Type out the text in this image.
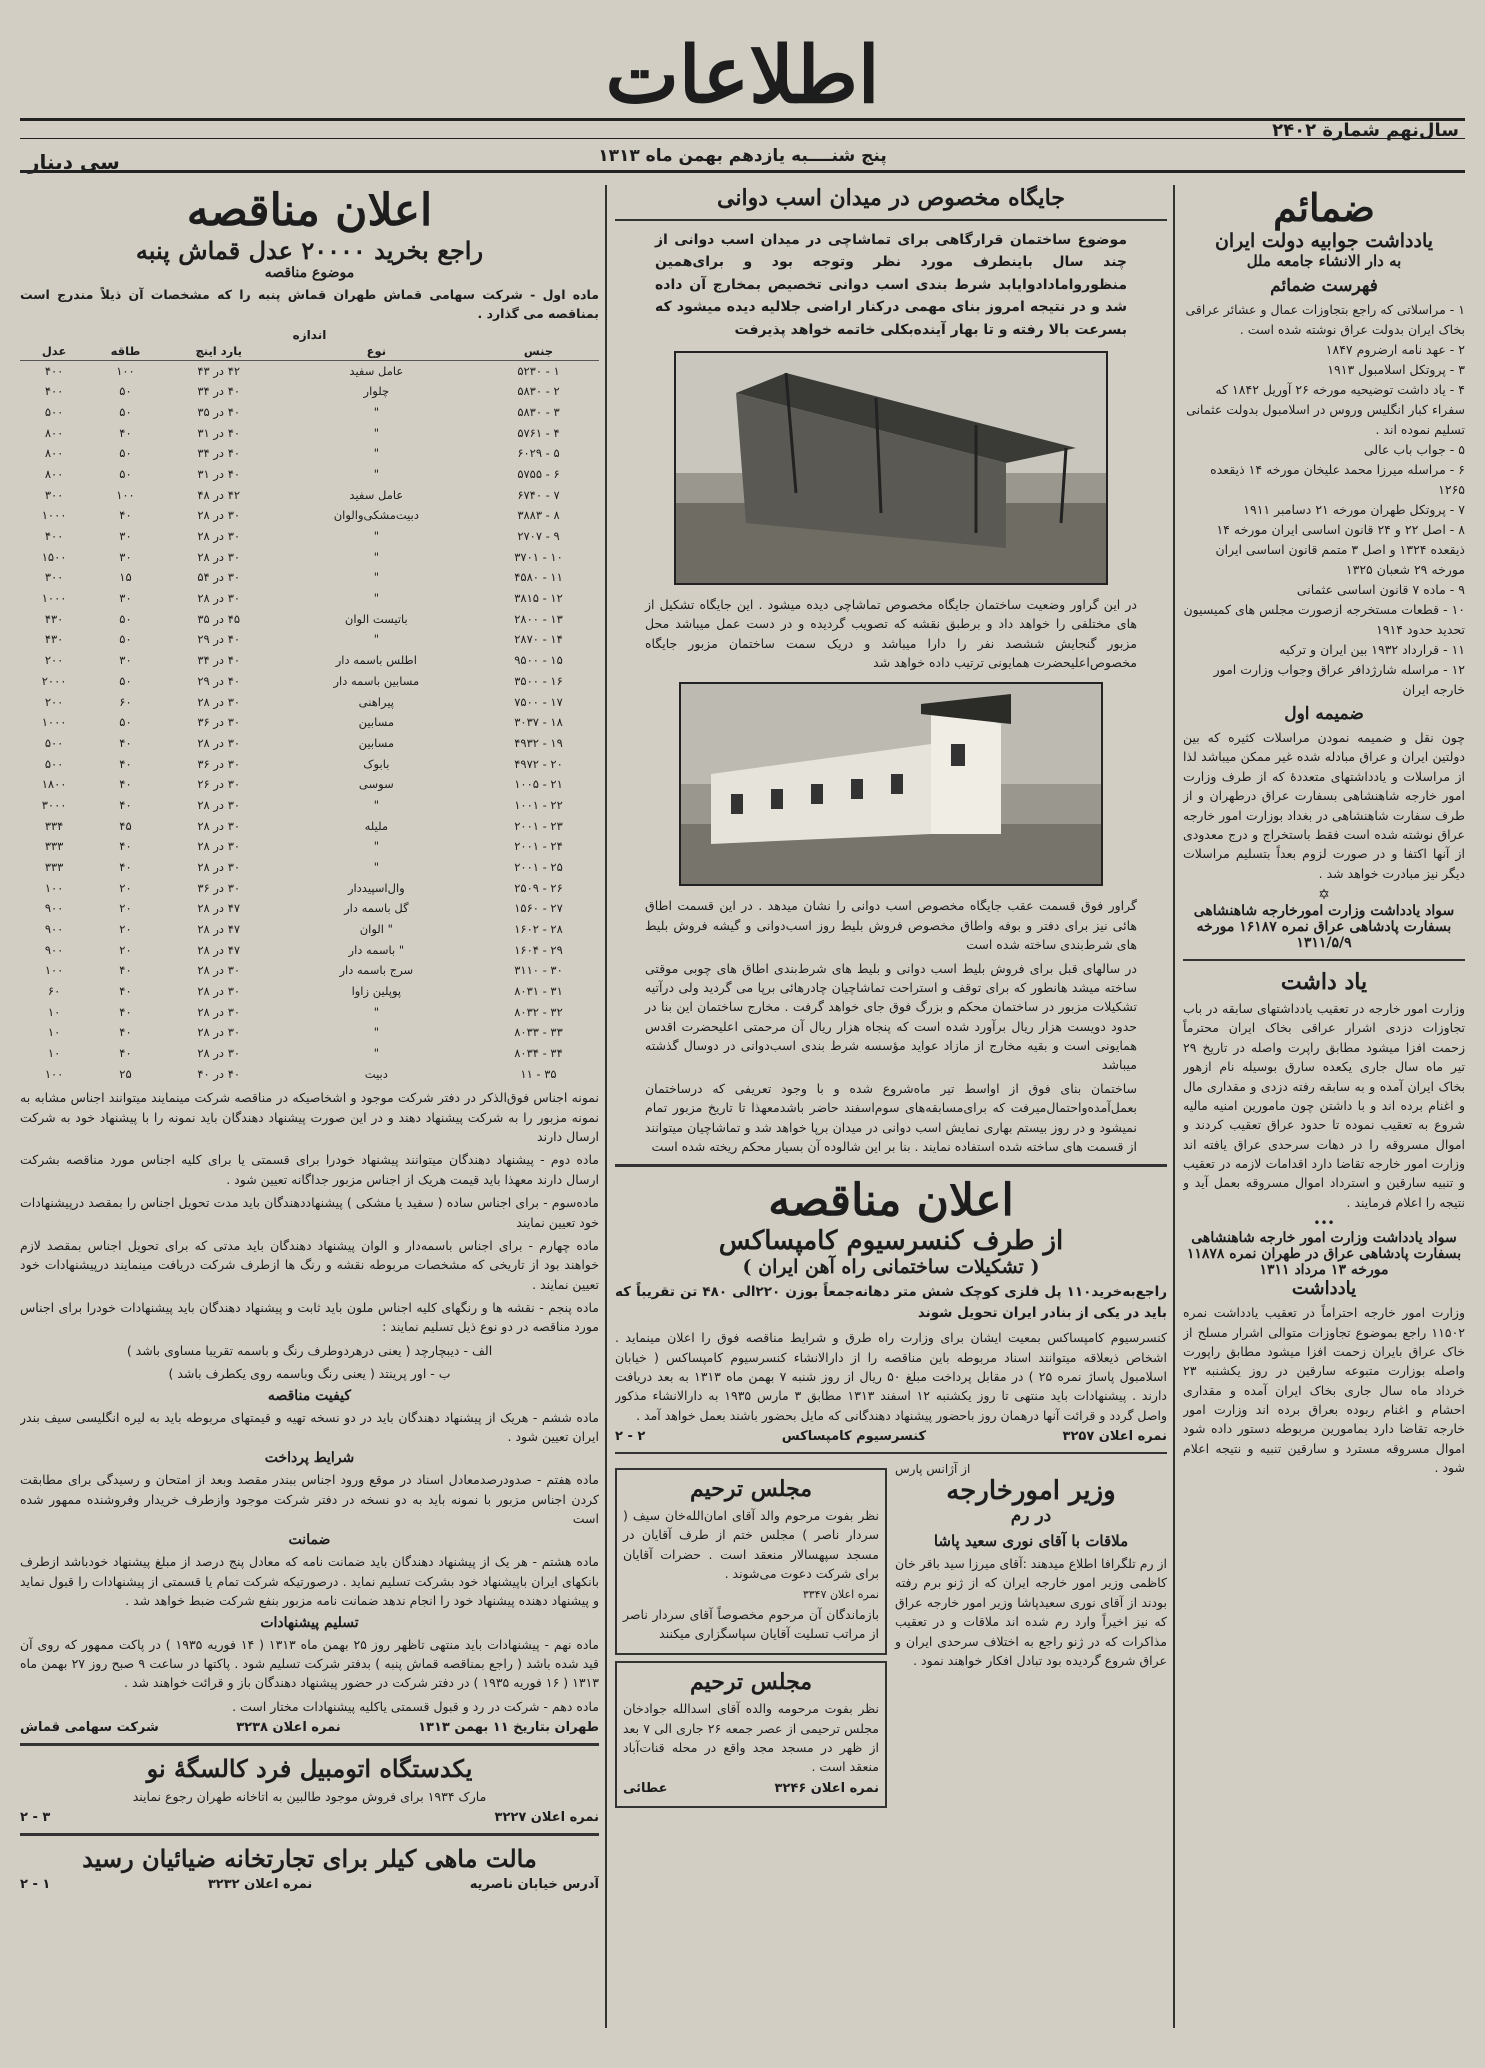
اطلاعات
سال‌نهم شمارة ۲۴۰۲
پنج شنــــبه یازدهم بهمن ماه ۱۳۱۳
سی دینار
ضمائم
یادداشت جوابیه دولت ایران
به دار الانشاء جامعه ملل
فهرست ضمائم
۱ - مراسلاتی که راجع بتجاوزات عمال و عشائر عراقی بخاک ایران بدولت عراق نوشته شده است .
۲ - عهد نامه ارضروم ۱۸۴۷
۳ - پروتکل اسلامبول ۱۹۱۳
۴ - یاد داشت توضیحیه مورخه ۲۶ آوریل ۱۸۴۲ که سفراء کبار انگلیس وروس در اسلامبول بدولت عثمانی تسلیم نموده اند .
۵ - جواب باب عالی
۶ - مراسله میرزا محمد علیخان مورخه ۱۴ ذیقعده ۱۲۶۵
۷ - پروتکل طهران مورخه ۲۱ دسامبر ۱۹۱۱
۸ - اصل ۲۲ و ۲۴ قانون اساسی ایران مورخه ۱۴ ذیقعده ۱۳۲۴ و اصل ۳ متمم قانون اساسی ایران مورخه ۲۹ شعبان ۱۳۲۵
۹ - ماده ۷ قانون اساسی عثمانی
۱۰ - قطعات مستخرجه ازصورت مجلس های کمیسیون تحدید حدود ۱۹۱۴
۱۱ - قرارداد ۱۹۳۲ بین ایران و ترکیه
۱۲ - مراسله شارژدافر عراق وجواب وزارت امور خارجه ایران
ضمیمه اول

چون نقل و ضمیمه نمودن مراسلات کثیره که بین دولتین ایران و عراق مبادله شده غیر ممکن میباشد لذا از مراسلات و یادداشتهای متعددهٔ که از طرف وزارت امور خارجه شاهنشاهی بسفارت عراق درطهران و از طرف سفارت شاهنشاهی در بغداد بوزارت امور خارجه عراق نوشته شده است فقط باستخراج و درج معدودی از آنها اکتفا و در صورت لزوم بعداً بتسلیم مراسلات دیگر نیز مبادرت خواهد شد .

✡
سواد یادداشت وزارت امورخارجه شاهنشاهی بسفارت پادشاهی عراق نمره ۱۶۱۸۷ مورخه ۱۳۱۱/۵/۹
یاد داشت

وزارت امور خارجه در تعقیب یادداشتهای سابقه در باب تجاوزات دزدی اشرار عراقی بخاک ایران محترماً زحمت افزا میشود مطابق راپرت واصله در تاریخ ۲۹ تیر ماه سال جاری یکعده سارق بوسیله نام ازهور بخاک ایران آمده و به سابقه رفته دزدی و مقداری مال و اغنام برده اند و با داشتن چون مامورین امنیه مالیه شروع به تعقیب نموده تا حدود عراق تعقیب کردند و اموال مسروقه را در دهات سرحدی عراق یافته اند وزارت امور خارجه تقاضا دارد اقدامات لازمه در تعقیب و تنبیه سارقین و استرداد اموال مسروقه بعمل آید و نتیجه را اعلام فرمایند .

•••
سواد یادداشت وزارت امور خارجه شاهنشاهی بسفارت پادشاهی عراق در طهران نمره ۱۱۸۷۸ مورخه ۱۳ مرداد ۱۳۱۱
یادداشت

وزارت امور خارجه احتراماً در تعقیب یادداشت نمره ۱۱۵۰۲ راجع بموضوع تجاوزات متوالی اشرار مسلح از خاک عراق بایران زحمت افزا میشود مطابق راپورت واصله بوزارت متبوعه سارقین در روز یکشنبه ۲۳ خرداد ماه سال جاری بخاک ایران آمده و مقداری احشام و اغنام ربوده بعراق برده اند وزارت امور خارجه تقاضا دارد بمامورین مربوطه دستور داده شود اموال مسروقه مسترد و سارقین تنبیه و نتیجه اعلام شود .

جایگاه مخصوص در میدان اسب دوانی

موضوع ساختمان قرارگاهی برای تماشاچی در میدان اسب دوانی از چند سال باینطرف مورد نظر وتوجه بود و برای‌همین منظوروامادادوایابد شرط بندی اسب دوانی تخصیص بمخارج آن داده شد و در نتیجه امروز بنای مهمی درکنار اراضی جلالیه دیده میشود که بسرعت بالا رفته و تا بهار آینده‌بکلی خاتمه خواهد پذیرفت

در این گراور وضعیت ساختمان جایگاه مخصوص تماشاچی دیده میشود . این جایگاه تشکیل از های مختلفی را خواهد داد و برطبق نقشه که تصویب گردیده و در دست عمل میباشد محل مزبور گنجایش ششصد نفر را دارا میباشد و دریک سمت ساختمان مزبور جایگاه مخصوص‌اعلیحضرت همایونی ترتیب داده خواهد شد

گراور فوق قسمت عقب جایگاه مخصوص اسب دوانی را نشان میدهد . در این قسمت اطاق هائی نیز برای دفتر و بوفه واطاق مخصوص فروش بلیط روز اسب‌دوانی و گیشه فروش بلیط های شرط‌بندی ساخته شده است

در سالهای قبل برای فروش بلیط اسب دوانی و بلیط های شرط‌بندی اطاق های چوبی موقتی ساخته میشد هانطور که برای توقف و استراحت تماشاچیان چادرهائی برپا می گردید ولی درآتیه تشکیلات مزبور در ساختمان محکم و بزرگ فوق جای خواهد گرفت . مخارج ساختمان این بنا در حدود دویست هزار ریال برآورد شده است که پنجاه هزار ریال آن مرحمتی اعلیحضرت اقدس همایونی است و بقیه مخارج از مازاد عواید مؤسسه شرط بندی اسب‌دوانی در دوسال گذشته میباشد

ساختمان بنای فوق از اواسط تیر ماه‌شروع شده و با وجود تعریفی که درساختمان بعمل‌آمده‌واحتمال‌میرفت که برای‌مسابقه‌های سوم‌اسفند حاضر باشدمعهذا تا تاریخ مزبور تمام نمیشود و در روز بیستم بهاری نمایش اسب دوانی در میدان برپا خواهد شد و تماشاچیان میتوانند از قسمت های ساخته شده استفاده نمایند . بنا بر این شالوده آن بسیار محکم ریخته شده است

اعلان مناقصه
از طرف کنسرسیوم کامپساکس
( تشکیلات ساختمانی راه آهن ایران )

راجع‌به‌خرید۱۱۰ پل فلزی کوچک شش متر دهانه‌جمعاً بوزن ۲۲۰الی ۴۸۰ تن تقریباً که باید در یکی از بنادر ایران تحویل شوند

کنسرسیوم کامپساکس بمعیت ایشان برای وزارت راه طرق و شرایط مناقصه فوق را اعلان مینماید . اشخاص ذیعلاقه میتوانند اسناد مربوطه باین مناقصه را از دارالانشاء کنسرسیوم کامپساکس ( خیابان اسلامبول پاساژ نمره ۲۵ ) در مقابل پرداخت مبلغ ۵۰ ریال از روز شنبه ۷ بهمن ماه ۱۳۱۳ به بعد دریافت دارند . پیشنهادات باید منتهی تا روز یکشنبه ۱۲ اسفند ۱۳۱۳ مطابق ۳ مارس ۱۹۳۵ به دارالانشاء مذکور واصل گردد و قرائت آنها درهمان روز باحضور پیشنهاد دهندگانی که مایل بحضور باشند بعمل خواهد آمد .

نمره اعلان ۳۲۵۷
کنسرسیوم کامپساکس
۲ - ۲
از آژانس پارس
وزیر امورخارجه
در رم
ملاقات با آقای نوری سعید پاشا

از رم تلگرافا اطلاع میدهند :آقای میرزا سید باقر خان کاظمی وزیر امور خارجه ایران که از ژنو برم رفته بودند از آقای نوری سعیدپاشا وزیر امور خارجه عراق که نیز اخیراً وارد رم شده اند ملاقات و در تعقیب مذاکرات که در ژنو راجع به اختلاف سرحدی ایران و عراق شروع گردیده بود تبادل افکار خواهند نمود .

مجلس ترحیم

نظر بفوت مرحوم والد آقای امان‌الله‌خان سیف ( سردار ناصر ) مجلس ختم از طرف آقایان در مسجد سپهسالار منعقد است . حضرات آقایان برای شرکت دعوت می‌شوند .

نمره اعلان ۳۳۴۷

بازماندگان آن مرحوم مخصوصاً آقای سردار ناصر از مراتب تسلیت آقایان سپاسگزاری میکنند

مجلس ترحیم

نظر بفوت مرحومه والده آقای اسدالله جوادخان مجلس ترحیمی از عصر جمعه ۲۶ جاری الی ۷ بعد از ظهر در مسجد مجد واقع در محله قنات‌آباد منعقد است .

نمره اعلان ۳۲۴۶
عطائی
اعلان مناقصه
راجع بخرید ۲۰۰۰۰ عدل قماش پنبه
موضوع مناقصه

ماده اول - شرکت سهامی قماش طهران قماش پنبه را که مشخصات آن ذیلاً مندرج است بمناقصه می گذارد .

اندازه
جنس	نوع	یارد اینچ	طاقه	عدل
۱ - ۵۲۳۰	عامل سفید	۴۲ در ۴۳	۱۰۰	۴۰۰
۲ - ۵۸۳۰	چلوار	۴۰ در ۳۴	۵۰	۴۰۰
۳ - ۵۸۳۰	"	۴۰ در ۳۵	۵۰	۵۰۰
۴ - ۵۷۶۱	"	۴۰ در ۳۱	۴۰	۸۰۰
۵ - ۶۰۲۹	"	۴۰ در ۳۴	۵۰	۸۰۰
۶ - ۵۷۵۵	"	۴۰ در ۳۱	۵۰	۸۰۰
۷ - ۶۷۴۰	عامل سفید	۴۲ در ۴۸	۱۰۰	۳۰۰
۸ - ۳۸۸۳	دبیت‌مشکی‌والوان	۳۰ در ۲۸	۴۰	۱۰۰۰
۹ - ۲۷۰۷	"	۳۰ در ۲۸	۳۰	۴۰۰
۱۰ - ۳۷۰۱	"	۳۰ در ۲۸	۳۰	۱۵۰۰
۱۱ - ۴۵۸۰	"	۳۰ در ۵۴	۱۵	۳۰۰
۱۲ - ۳۸۱۵	"	۳۰ در ۲۸	۳۰	۱۰۰۰
۱۳ - ۲۸۰۰	باتیست الوان	۴۵ در ۳۵	۵۰	۴۳۰
۱۴ - ۲۸۷۰	"	۴۰ در ۲۹	۵۰	۴۳۰
۱۵ - ۹۵۰۰	اطلس باسمه دار	۴۰ در ۳۴	۳۰	۲۰۰
۱۶ - ۳۵۰۰	مسابین باسمه دار	۴۰ در ۲۹	۵۰	۲۰۰۰
۱۷ - ۷۵۰۰	پیراهنی	۳۰ در ۲۸	۶۰	۲۰۰
۱۸ - ۳۰۳۷	مسابین	۳۰ در ۳۶	۵۰	۱۰۰۰
۱۹ - ۴۹۳۲	مسابین	۳۰ در ۲۸	۴۰	۵۰۰
۲۰ - ۴۹۷۲	بابوک	۳۰ در ۳۶	۴۰	۵۰۰
۲۱ - ۱۰۰۵	سوسی	۳۰ در ۲۶	۴۰	۱۸۰۰
۲۲ - ۱۰۰۱	"	۳۰ در ۲۸	۴۰	۳۰۰۰
۲۳ - ۲۰۰۱	ملیله	۳۰ در ۲۸	۴۵	۳۳۴
۲۴ - ۲۰۰۱	"	۳۰ در ۲۸	۴۰	۳۳۳
۲۵ - ۲۰۰۱	"	۳۰ در ۲۸	۴۰	۳۳۳
۲۶ - ۲۵۰۹	وال‌اسپیددار	۳۰ در ۳۶	۲۰	۱۰۰
۲۷ - ۱۵۶۰	گل باسمه دار	۴۷ در ۲۸	۲۰	۹۰۰
۲۸ - ۱۶۰۲	" الوان	۴۷ در ۲۸	۲۰	۹۰۰
۲۹ - ۱۶۰۴	" باسمه دار	۴۷ در ۲۸	۲۰	۹۰۰
۳۰ - ۳۱۱۰	سرج باسمه دار	۳۰ در ۲۸	۴۰	۱۰۰
۳۱ - ۸۰۳۱	پوپلین زاوا	۳۰ در ۲۸	۴۰	۶۰
۳۲ - ۸۰۳۲	"	۳۰ در ۲۸	۴۰	۱۰
۳۳ - ۸۰۳۳	"	۳۰ در ۲۸	۴۰	۱۰
۳۴ - ۸۰۳۴	"	۳۰ در ۲۸	۴۰	۱۰
۳۵ - ۱۱	دبیت	۴۰ در ۴۰	۲۵	۱۰۰

نمونه اجناس فوق‌الذکر در دفتر شرکت موجود و اشخاصیکه در مناقصه شرکت مینمایند میتوانند اجناس مشابه به نمونه مزبور را به شرکت پیشنهاد دهند و در این صورت پیشنهاد دهندگان باید نمونه را با پیشنهاد خود به شرکت ارسال دارند

ماده دوم - پیشنهاد دهندگان میتوانند پیشنهاد خودرا برای قسمتی یا برای کلیه اجناس مورد مناقصه بشرکت ارسال دارند معهذا باید قیمت هریک از اجناس مزبور جداگانه تعیین شود .

ماده‌سوم - برای اجناس ساده ( سفید یا مشکی ) پیشنهاددهندگان باید مدت تحویل اجناس را بمقصد درپیشنهادات خود تعیین نمایند

ماده چهارم - برای اجناس باسمه‌دار و الوان پیشنهاد دهندگان باید مدتی که برای تحویل اجناس بمقصد لازم خواهند بود از تاریخی که مشخصات مربوطه نقشه و رنگ ها ازطرف شرکت دریافت مینمایند درپیشنهادات خود تعیین نمایند .

ماده پنجم - نقشه ها و رنگهای کلیه اجناس ملون باید ثابت و پیشنهاد دهندگان باید پیشنهادات خودرا برای اجناس مورد مناقصه در دو نوع ذیل تسلیم نمایند :

الف - دیبچارچد ( یعنی درهردوطرف رنگ و باسمه تقریبا مساوی باشد )

ب - اور پرینتد ( یعنی رنگ وباسمه روی یکطرف باشد )

کیفیت مناقصه

ماده ششم - هریک از پیشنهاد دهندگان باید در دو نسخه تهیه و قیمتهای مربوطه باید به لیره انگلیسی سیف بندر ایران تعیین شود .

شرایط پرداخت

ماده هفتم - صدودرصد‌معادل اسناد در موقع ورود اجناس ببندر مقصد وبعد از امتحان و رسیدگی برای مطابقت کردن اجناس مزبور با نمونه باید به دو نسخه در دفتر شرکت موجود وازطرف خریدار وفروشنده ممهور شده است

ضمانت

ماده هشتم - هر یک از پیشنهاد دهندگان باید ضمانت نامه که معادل پنج درصد از مبلغ پیشنهاد خودباشد ازطرف بانکهای ایران باپیشنهاد خود بشرکت تسلیم نماید . درصورتیکه شرکت تمام یا قسمتی از پیشنهادات را قبول نماید و پیشنهاد دهنده پیشنهاد خود را انجام ندهد ضمانت نامه مزبور بنفع شرکت ضبط خواهد شد .

تسلیم پیشنهادات

ماده نهم - پیشنهادات باید منتهی تاظهر روز ۲۵ بهمن ماه ۱۳۱۳ ( ۱۴ فوریه ۱۹۳۵ ) در پاکت ممهور که روی آن قید شده باشد ( راجع بمناقصه قماش پنبه ) بدفتر شرکت تسلیم شود . پاکتها در ساعت ۹ صبح روز ۲۷ بهمن ماه ۱۳۱۳ ( ۱۶ فوریه ۱۹۳۵ ) در دفتر شرکت در حضور پیشنهاد دهندگان باز و قرائت خواهند شد .

ماده دهم - شرکت در رد و قبول قسمتی یاکلیه پیشنهادات مختار است .

طهران بتاریخ ۱۱ بهمن ۱۳۱۳
نمره اعلان ۳۲۳۸
شرکت سهامی قماش
یکدستگاه اتومبیل فرد کالسگهٔ نو

مارک ۱۹۳۴ برای فروش موجود طالبین به اتاخانه طهران رجوع نمایند

نمره اعلان ۳۲۲۷
۳ - ۲
مالت ماهی کیلر برای تجارتخانه ضیائیان رسید
آدرس خیابان ناصریه
نمره اعلان ۳۲۳۲
۱ - ۲
